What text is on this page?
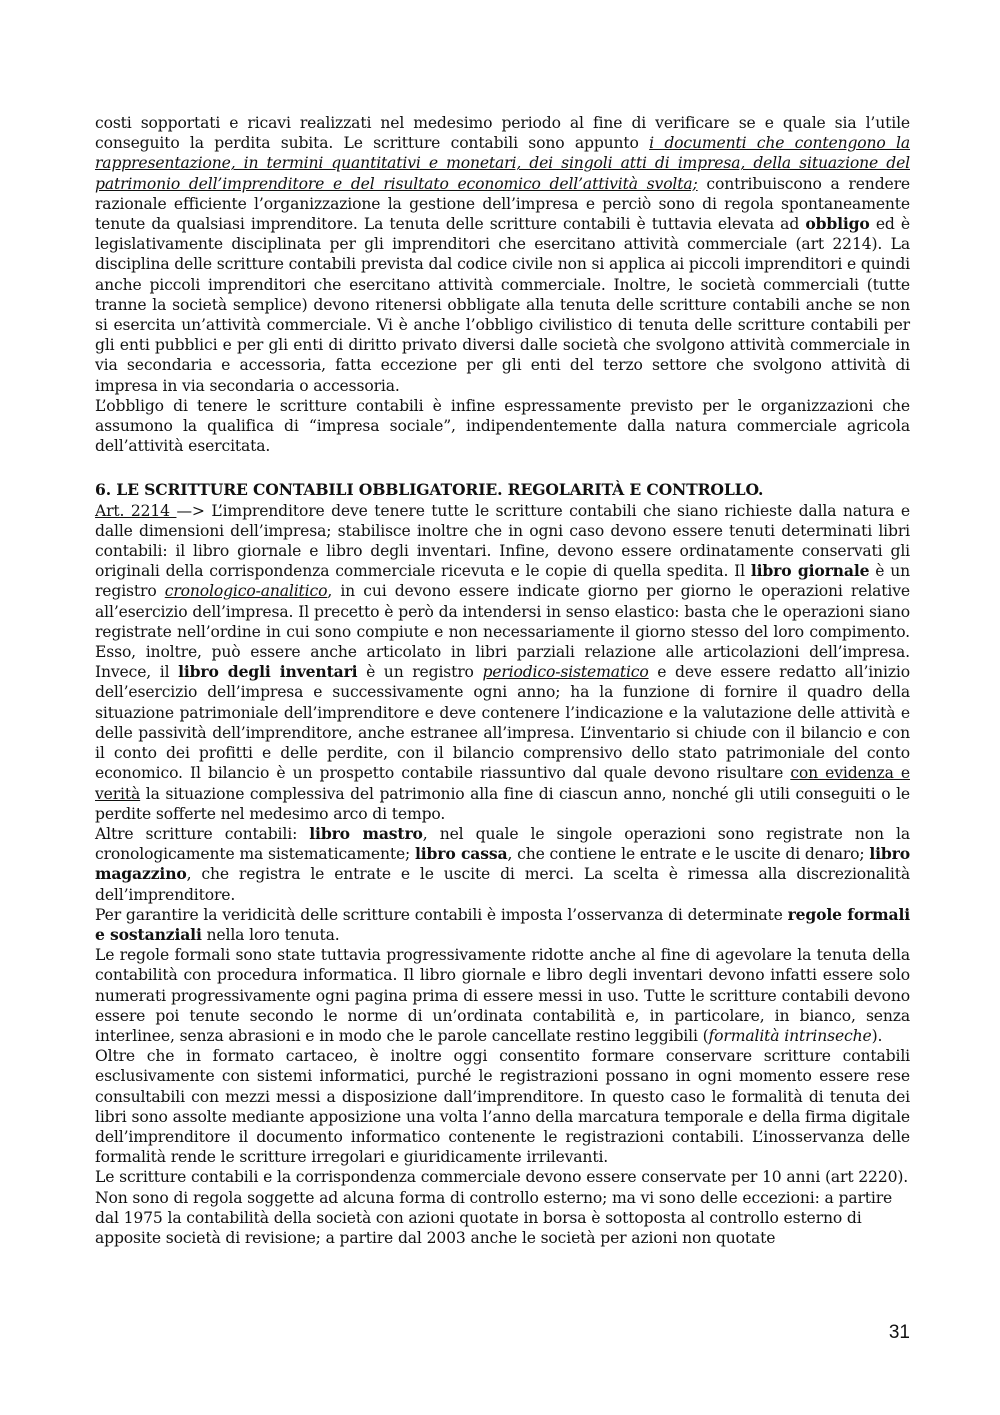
costi sopportati e ricavi realizzati nel medesimo periodo al fine di verificare se e quale sia l’utile conseguito la perdita subita. Le scritture contabili sono appunto i documenti che contengono la rappresentazione, in termini quantitativi e monetari, dei singoli atti di impresa, della situazione del patrimonio dell’imprenditore e del risultato economico dell’attività svolta; contribuiscono a rendere razionale efficiente l’organizzazione la gestione dell’impresa e perciò sono di regola spontaneamente tenute da qualsiasi imprenditore. La tenuta delle scritture contabili è tuttavia elevata ad obbligo ed è legislativamente disciplinata per gli imprenditori che esercitano attività commerciale (art 2214). La disciplina delle scritture contabili prevista dal codice civile non si applica ai piccoli imprenditori e quindi anche piccoli imprenditori che esercitano attività commerciale. Inoltre, le società commerciali (tutte tranne la società semplice) devono ritenersi obbligate alla tenuta delle scritture contabili anche se non si esercita un’attività commerciale. Vi è anche l’obbligo civilistico di tenuta delle scritture contabili per gli enti pubblici e per gli enti di diritto privato diversi dalle società che svolgono attività commerciale in via secondaria e accessoria, fatta eccezione per gli enti del terzo settore che svolgono attività di impresa in via secondaria o accessoria.

L’obbligo di tenere le scritture contabili è infine espressamente previsto per le organizzazioni che assumono la qualifica di “impresa sociale”, indipendentemente dalla natura commerciale agricola dell’attività esercitata.

6. LE SCRITTURE CONTABILI OBBLIGATORIE. REGOLARITÀ E CONTROLLO.

Art. 2214 —> L’imprenditore deve tenere tutte le scritture contabili che siano richieste dalla natura e dalle dimensioni dell’impresa; stabilisce inoltre che in ogni caso devono essere tenuti determinati libri contabili: il libro giornale e libro degli inventari. Infine, devono essere ordinatamente conservati gli originali della corrispondenza commerciale ricevuta e le copie di quella spedita. Il libro giornale è un registro cronologico-analitico, in cui devono essere indicate giorno per giorno le operazioni relative all’esercizio dell’impresa. Il precetto è però da intendersi in senso elastico: basta che le operazioni siano registrate nell’ordine in cui sono compiute e non necessariamente il giorno stesso del loro compimento. Esso, inoltre, può essere anche articolato in libri parziali relazione alle articolazioni dell’impresa. Invece, il libro degli inventari è un registro periodico-sistematico e deve essere redatto all’inizio dell’esercizio dell’impresa e successivamente ogni anno; ha la funzione di fornire il quadro della situazione patrimoniale dell’imprenditore e deve contenere l’indicazione e la valutazione delle attività e delle passività dell’imprenditore, anche estranee all’impresa. L’inventario si chiude con il bilancio e con il conto dei profitti e delle perdite, con il bilancio comprensivo dello stato patrimoniale del conto economico. Il bilancio è un prospetto contabile riassuntivo dal quale devono risultare con evidenza e verità la situazione complessiva del patrimonio alla fine di ciascun anno, nonché gli utili conseguiti o le perdite sofferte nel medesimo arco di tempo.

Altre scritture contabili: libro mastro, nel quale le singole operazioni sono registrate non la cronologicamente ma sistematicamente; libro cassa, che contiene le entrate e le uscite di denaro; libro magazzino, che registra le entrate e le uscite di merci. La scelta è rimessa alla discrezionalità dell’imprenditore.

Per garantire la veridicità delle scritture contabili è imposta l’osservanza di determinate regole formali e sostanziali nella loro tenuta.

Le regole formali sono state tuttavia progressivamente ridotte anche al fine di agevolare la tenuta della contabilità con procedura informatica. Il libro giornale e libro degli inventari devono infatti essere solo numerati progressivamente ogni pagina prima di essere messi in uso. Tutte le scritture contabili devono essere poi tenute secondo le norme di un’ordinata contabilità e, in particolare, in bianco, senza interlinee, senza abrasioni e in modo che le parole cancellate restino leggibili (formalità intrinseche).

Oltre che in formato cartaceo, è inoltre oggi consentito formare conservare scritture contabili esclusivamente con sistemi informatici, purché le registrazioni possano in ogni momento essere rese consultabili con mezzi messi a disposizione dall’imprenditore. In questo caso le formalità di tenuta dei libri sono assolte mediante apposizione una volta l’anno della marcatura temporale e della firma digitale dell’imprenditore il documento informatico contenente le registrazioni contabili. L’inosservanza delle formalità rende le scritture irregolari e giuridicamente irrilevanti.

Le scritture contabili e la corrispondenza commerciale devono essere conservate per 10 anni (art 2220).

Non sono di regola soggette ad alcuna forma di controllo esterno; ma vi sono delle eccezioni: a partire dal 1975 la contabilità della società con azioni quotate in borsa è sottoposta al controllo esterno di apposite società di revisione; a partire dal 2003 anche le società per azioni non quotate

31
